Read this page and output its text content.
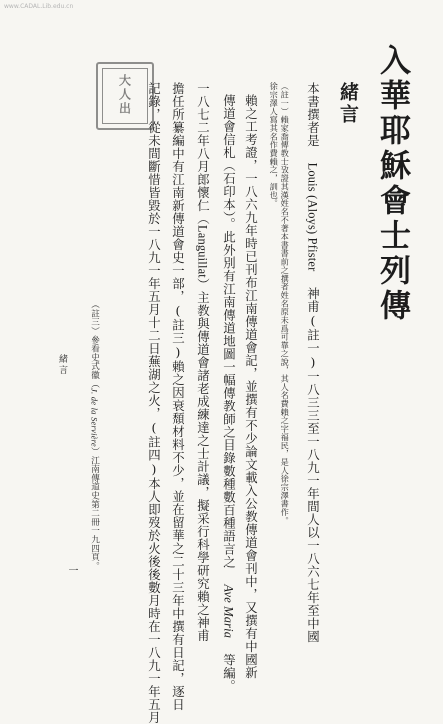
www.CADAL.Lib.edu.cn
入華耶穌會士列傳
緒言
本書撰者是 Louis (Aloys) Pfister 神甫(註一)一八三三至一八九一年間人以一八六七年至中國
（註一）賴家喬傳教士攷證其漢姓名不著本書書前之撰者姓名原未爲可靠之說，其人名費賴之字福民，是人徐宗澤書作。
徐宗澤人寫其名作費賴之，訓也。
賴之工考證，一八六九年時已刊布江南傳道會記，並撰有不少論文載入公教傳道會刊中，又撰有中國新
傳道會信札（石印本）。此外別有江南傳道地圖一幅傳教師之目錄數種數百種語言之 Ave Maria 等編。
一八七二年八月郎懷仁（Languillat）主教與傳道會諸老成練達之士計議，擬采行科學研究賴之神甫
擔任所纂編中有江南新傳道會史一部，(註三)賴之因衰頹材料不少，並在留華之二十三年中撰有日記，逐日
記錄，從未間斷惜皆毀於一八九一年五月十二日蕪湖之火，(註四)本人即歿於火後後數月時在一八九一年五月
大人出
（註三）參看史式徽（J. de la Servière）江南傳道史第二冊一九四頁。
緒言
一
